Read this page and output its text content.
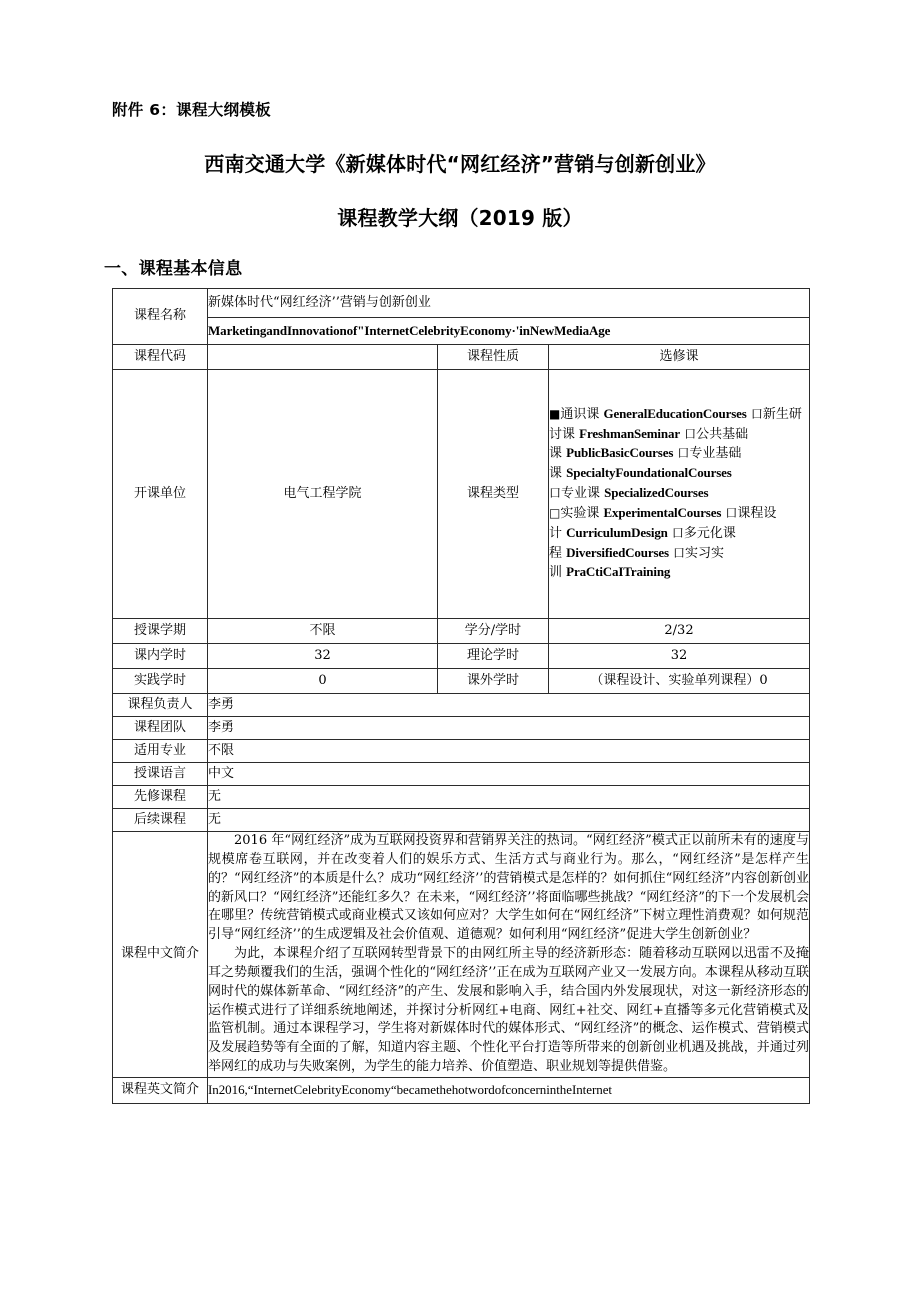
附件 6：课程大纲模板
西南交通大学《新媒体时代“网红经济”营销与创新创业》
课程教学大纲（2019 版）
一、课程基本信息
课程名称	新媒体时代“网红经济’’营销与创新创业		
	MarketingandInnovationof"InternetCelebrityEconomy·'inNewMediaAge		
课程代码		课程性质	选修课
开课单位	电气工程学院	课程类型	■通识课 GeneralEducationCourses 口新生研讨课 FreshmanSeminar 口公共基础课 PublicBasicCourses 口专业基础课 SpecialtyFoundationalCourses
口专业课 SpecializedCourses
□实验课 ExperimentalCourses 口课程设计 CurriculumDesign 口多元化课程 DiversifiedCourses 口实习实训 PraCtiCaITraining
授课学期	不限	学分/学时	2/32
课内学时	32	理论学时	32
实践学时	0	课外学时	（课程设计、实验单列课程）0
课程负责人	李勇		
课程团队	李勇		
适用专业	不限		
授课语言	中文		
先修课程	无		
后续课程	无		
课程中文简介	2016 年“网红经济”成为互联网投资界和营销界关注的热词。“网红经济”模式正以前所未有的速度与规模席卷互联网，并在改变着人们的娱乐方式、生活方式与商业行为。那么，“网红经济”是怎样产生的？“网红经济”的本质是什么？成功“网红经济’’的营销模式是怎样的？如何抓住“网红经济”内容创新创业的新风口？“网红经济”还能红多久？在未来，“网红经济’’将面临哪些挑战？“网红经济”的下一个发展机会在哪里？传统营销模式或商业模式又该如何应对？大学生如何在“网红经济”下树立理性消费观？如何规范引导“网红经济’’的生成逻辑及社会价值观、道德观？如何利用“网红经济”促进大学生创新创业？

为此，本课程介绍了互联网转型背景下的由网红所主导的经济新形态：随着移动互联网以迅雷不及掩耳之势颠覆我们的生活，强调个性化的“网红经济’’正在成为互联网产业又一发展方向。本课程从移动互联网时代的媒体新革命、“网红经济”的产生、发展和影响入手，结合国内外发展现状，对这一新经济形态的运作模式进行了详细系统地阐述，并探讨分析网红+电商、网红+社交、网红+直播等多元化营销模式及监管机制。通过本课程学习，学生将对新媒体时代的媒体形式、“网红经济”的概念、运作模式、营销模式及发展趋势等有全面的了解，知道内容主题、个性化平台打造等所带来的创新创业机遇及挑战，并通过列举网红的成功与失败案例，为学生的能力培养、价值塑造、职业规划等提供借鉴。		

课程英文简介	In2016,“InternetCelebrityEconomy“becamethehotwordofconcernintheInternet		
